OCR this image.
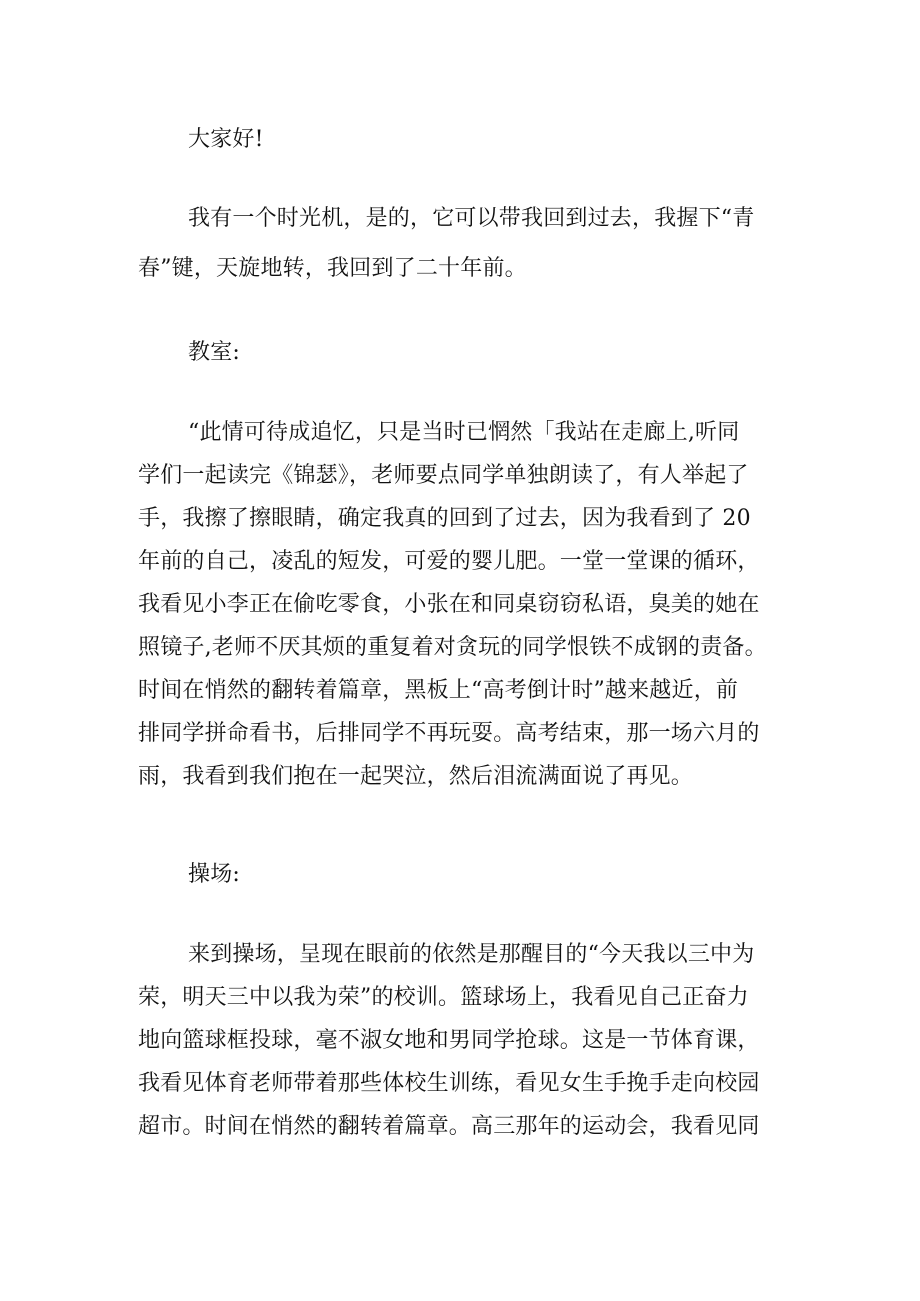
大家好!
我有一个时光机，是的，它可以带我回到过去，我握下“青
春”键，天旋地转，我回到了二十年前。
教室:
“此情可待成追忆，只是当时已惘然「我站在走廊上,听同
学们一起读完《锦瑟》，老师要点同学单独朗读了，有人举起了
手，我擦了擦眼睛，确定我真的回到了过去，因为我看到了 20
年前的自己，凌乱的短发，可爱的婴儿肥。一堂一堂课的循环，
我看见小李正在偷吃零食，小张在和同桌窃窃私语，臭美的她在
照镜子,老师不厌其烦的重复着对贪玩的同学恨铁不成钢的责备。
时间在悄然的翻转着篇章，黑板上“高考倒计时”越来越近，前
排同学拼命看书，后排同学不再玩耍。高考结束，那一场六月的
雨，我看到我们抱在一起哭泣，然后泪流满面说了再见。
操场:
来到操场，呈现在眼前的依然是那醒目的“今天我以三中为
荣，明天三中以我为荣”的校训。篮球场上，我看见自己正奋力
地向篮球框投球，毫不淑女地和男同学抢球。这是一节体育课，
我看见体育老师带着那些体校生训练，看见女生手挽手走向校园
超市。时间在悄然的翻转着篇章。高三那年的运动会，我看见同
